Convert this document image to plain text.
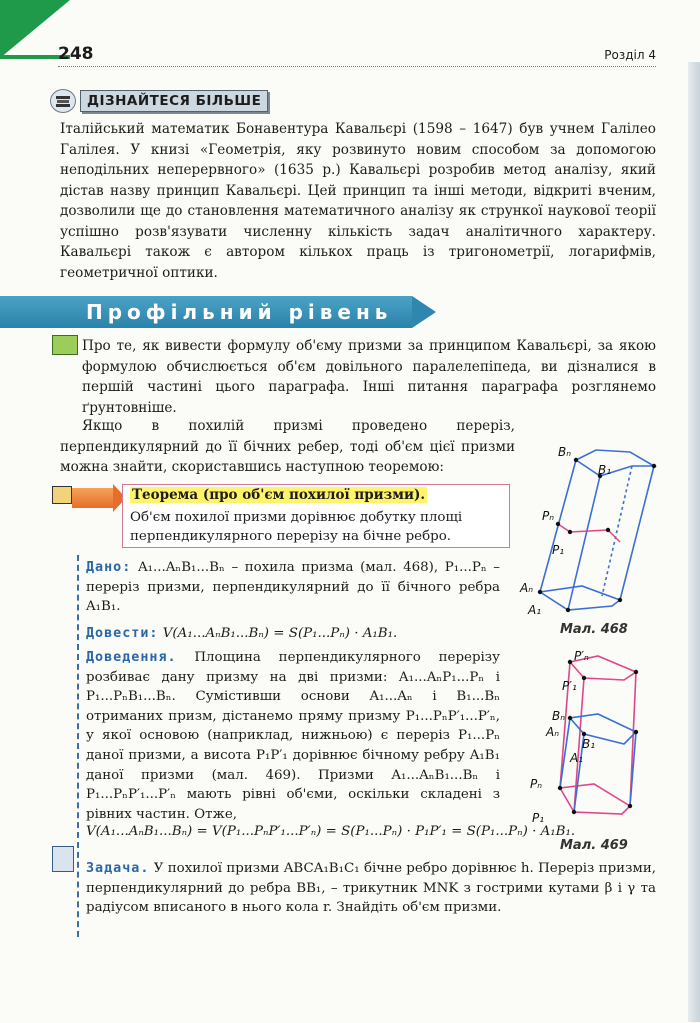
248	Розділ 4
ДІЗНАЙТЕСЯ БІЛЬШЕ
Італійський математик Бонавентура Кавальєрі (1598 – 1647) був учнем Галілео Галілея. У книзі «Геометрія, яку розвинуто новим способом за допомогою неподільних неперервного» (1635 р.) Кавальєрі розробив метод аналізу, який дістав назву принцип Кавальєрі. Цей принцип та інші методи, відкриті вченим, дозволили ще до становлення математичного аналізу як стрункої наукової теорії успішно розв'язувати численну кількість задач аналітичного характеру. Кавальєрі також є автором кількох праць із тригонометрії, логарифмів, геометричної оптики.
Профільний рівень
Про те, як вивести формулу об'єму призми за принципом Кавальєрі, за якою формулою обчислюється об'єм довільного паралелепіпеда, ви дізналися в першій частині цього параграфа. Інші питання параграфа розглянемо ґрунтовніше.
Якщо в похилій призмі проведено переріз, перпендикулярний до її бічних ребер, тоді об'єм цієї призми можна знайти, скориставшись наступною теоремою:
Теорема (про об'єм похилої призми).
Об'єм похилої призми дорівнює добутку площі перпендикулярного перерізу на бічне ребро.
Дано: A₁...AₙB₁...Bₙ – похила призма (мал. 468), P₁...Pₙ – переріз призми, перпендикулярний до її бічного ребра A₁B₁.
Довести: V(A₁...AₙB₁...Bₙ) = S(P₁...Pₙ) · A₁B₁.
Доведення. Площина перпендикулярного перерізу розбиває дану призму на дві призми: A₁...AₙP₁...Pₙ і P₁...PₙB₁...Bₙ. Сумістивши основи A₁...Aₙ і B₁...Bₙ отриманих призм, дістанемо пряму призму P₁...PₙP′₁...P′ₙ, у якої основою (наприклад, нижньою) є переріз P₁...Pₙ даної призми, а висота P₁P′₁ дорівнює бічному ребру A₁B₁ даної призми (мал. 469). Призми A₁...AₙB₁...Bₙ і P₁...PₙP′₁...P′ₙ мають рівні об'єми, оскільки складені з рівних частин. Отже,
V(A₁...AₙB₁...Bₙ) = V(P₁...PₙP′₁...P′ₙ) = S(P₁...Pₙ) · P₁P′₁ = S(P₁...Pₙ) · A₁B₁.
Задача. У похилої призми ABCA₁B₁C₁ бічне ребро дорівнює h. Переріз призми, перпендикулярний до ребра BB₁, – трикутник MNK з гострими кутами β і γ та радіусом вписаного в нього кола r. Знайдіть об'єм призми.
Bₙ
B₁
Pₙ
P₁
Aₙ
A₁
Мал. 468
P′ₙ
P′₁
Bₙ
Aₙ
B₁
A₁
Pₙ
P₁
Мал. 469
